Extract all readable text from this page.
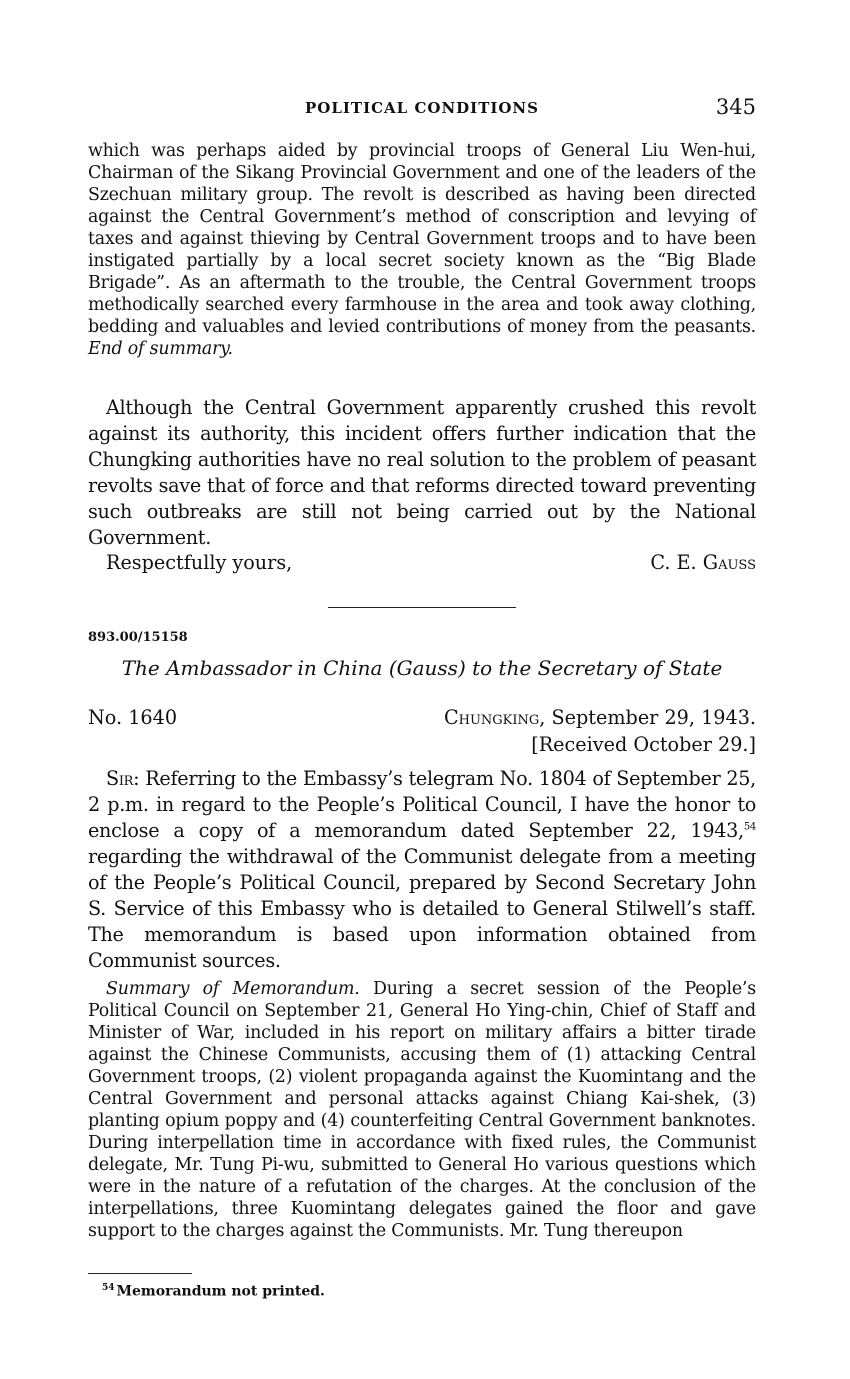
POLITICAL CONDITIONS	345

which was perhaps aided by provincial troops of General Liu Wen-hui, Chairman of the Sikang Provincial Government and one of the leaders of the Szechuan military group. The revolt is described as having been directed against the Central Government’s method of conscription and levying of taxes and against thieving by Central Government troops and to have been instigated partially by a local secret society known as the “Big Blade Brigade”. As an aftermath to the trouble, the Central Government troops methodically searched every farmhouse in the area and took away clothing, bedding and valuables and levied contributions of money from the peasants. End of summary.

Although the Central Government apparently crushed this revolt against its authority, this incident offers further indication that the Chungking authorities have no real solution to the problem of peasant revolts save that of force and that reforms directed toward preventing such outbreaks are still not being carried out by the National Government.

Respectfully yours,	C. E. Gauss
893.00/15158
The Ambassador in China (Gauss) to the Secretary of State
No. 1640	Chungking, September 29, 1943.
[Received October 29.]

Sir: Referring to the Embassy’s telegram No. 1804 of September 25, 2 p.m. in regard to the People’s Political Council, I have the honor to enclose a copy of a memorandum dated September 22, 1943,54 regarding the withdrawal of the Communist delegate from a meeting of the People’s Political Council, prepared by Second Secretary John S. Service of this Embassy who is detailed to General Stilwell’s staff. The memorandum is based upon information obtained from Communist sources.

Summary of Memorandum. During a secret session of the People’s Political Council on September 21, General Ho Ying-chin, Chief of Staff and Minister of War, included in his report on military affairs a bitter tirade against the Chinese Communists, accusing them of (1) attacking Central Government troops, (2) violent propaganda against the Kuomintang and the Central Government and personal attacks against Chiang Kai-shek, (3) planting opium poppy and (4) counterfeiting Central Government banknotes. During interpellation time in accordance with fixed rules, the Communist delegate, Mr. Tung Pi-wu, submitted to General Ho various questions which were in the nature of a refutation of the charges. At the conclusion of the interpellations, three Kuomintang delegates gained the floor and gave support to the charges against the Communists. Mr. Tung thereupon

$^{54}$ Memorandum not printed.
